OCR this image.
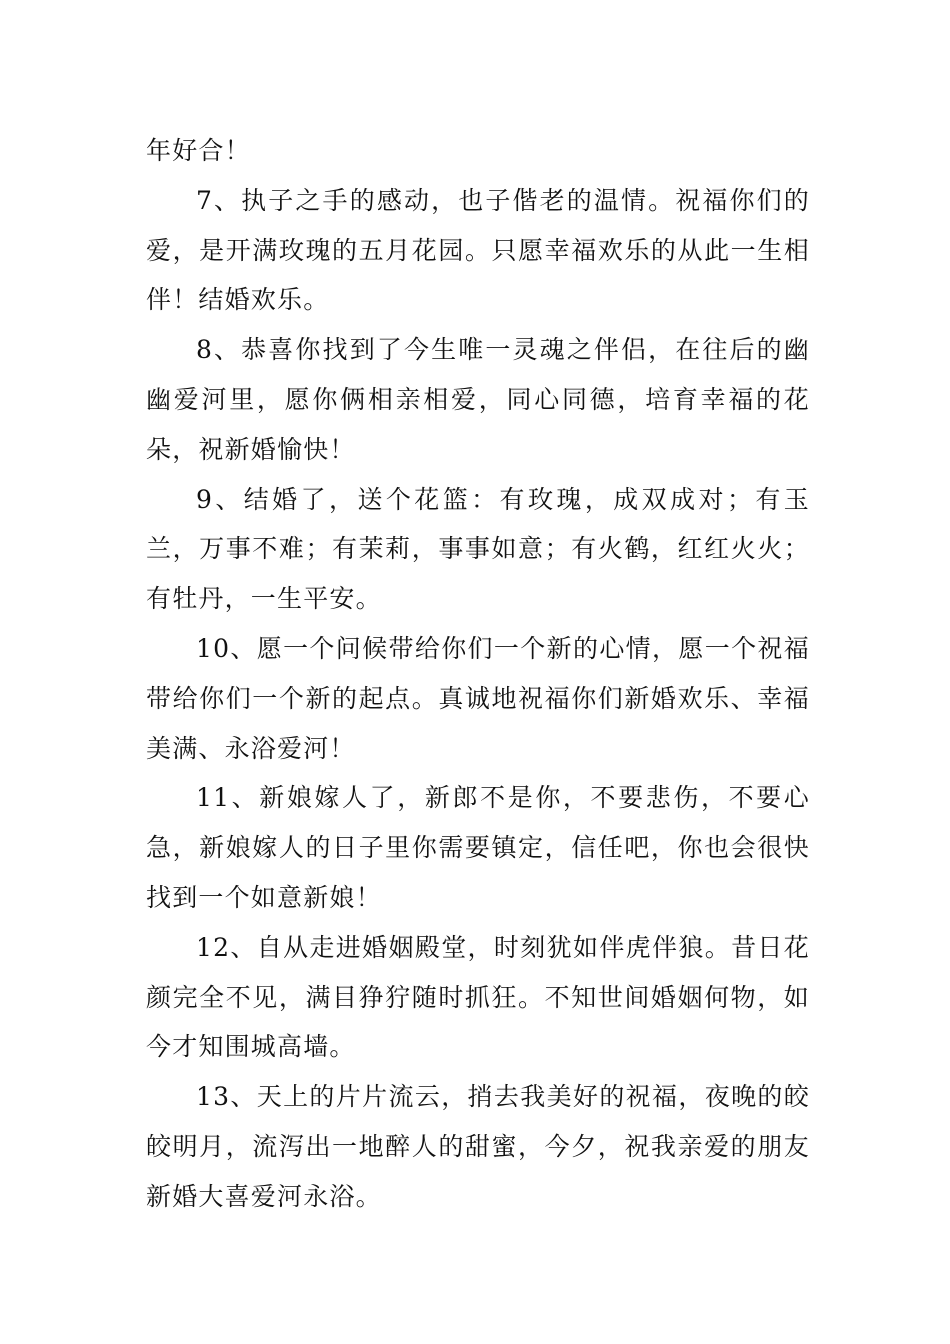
年好合！

7、执子之手的感动，也子偕老的温情。祝福你们的爱，是开满玫瑰的五月花园。只愿幸福欢乐的从此一生相伴！结婚欢乐。

8、恭喜你找到了今生唯一灵魂之伴侣，在往后的幽幽爱河里，愿你俩相亲相爱，同心同德，培育幸福的花朵，祝新婚愉快！

9、结婚了，送个花篮：有玫瑰，成双成对；有玉兰，万事不难；有茉莉，事事如意；有火鹤，红红火火；有牡丹，一生平安。

10、愿一个问候带给你们一个新的心情，愿一个祝福带给你们一个新的起点。真诚地祝福你们新婚欢乐、幸福美满、永浴爱河！

11、新娘嫁人了，新郎不是你，不要悲伤，不要心急，新娘嫁人的日子里你需要镇定，信任吧，你也会很快找到一个如意新娘！

12、自从走进婚姻殿堂，时刻犹如伴虎伴狼。昔日花颜完全不见，满目狰狞随时抓狂。不知世间婚姻何物，如今才知围城高墙。

13、天上的片片流云，捎去我美好的祝福，夜晚的皎皎明月，流泻出一地醉人的甜蜜，今夕，祝我亲爱的朋友新婚大喜爱河永浴。
